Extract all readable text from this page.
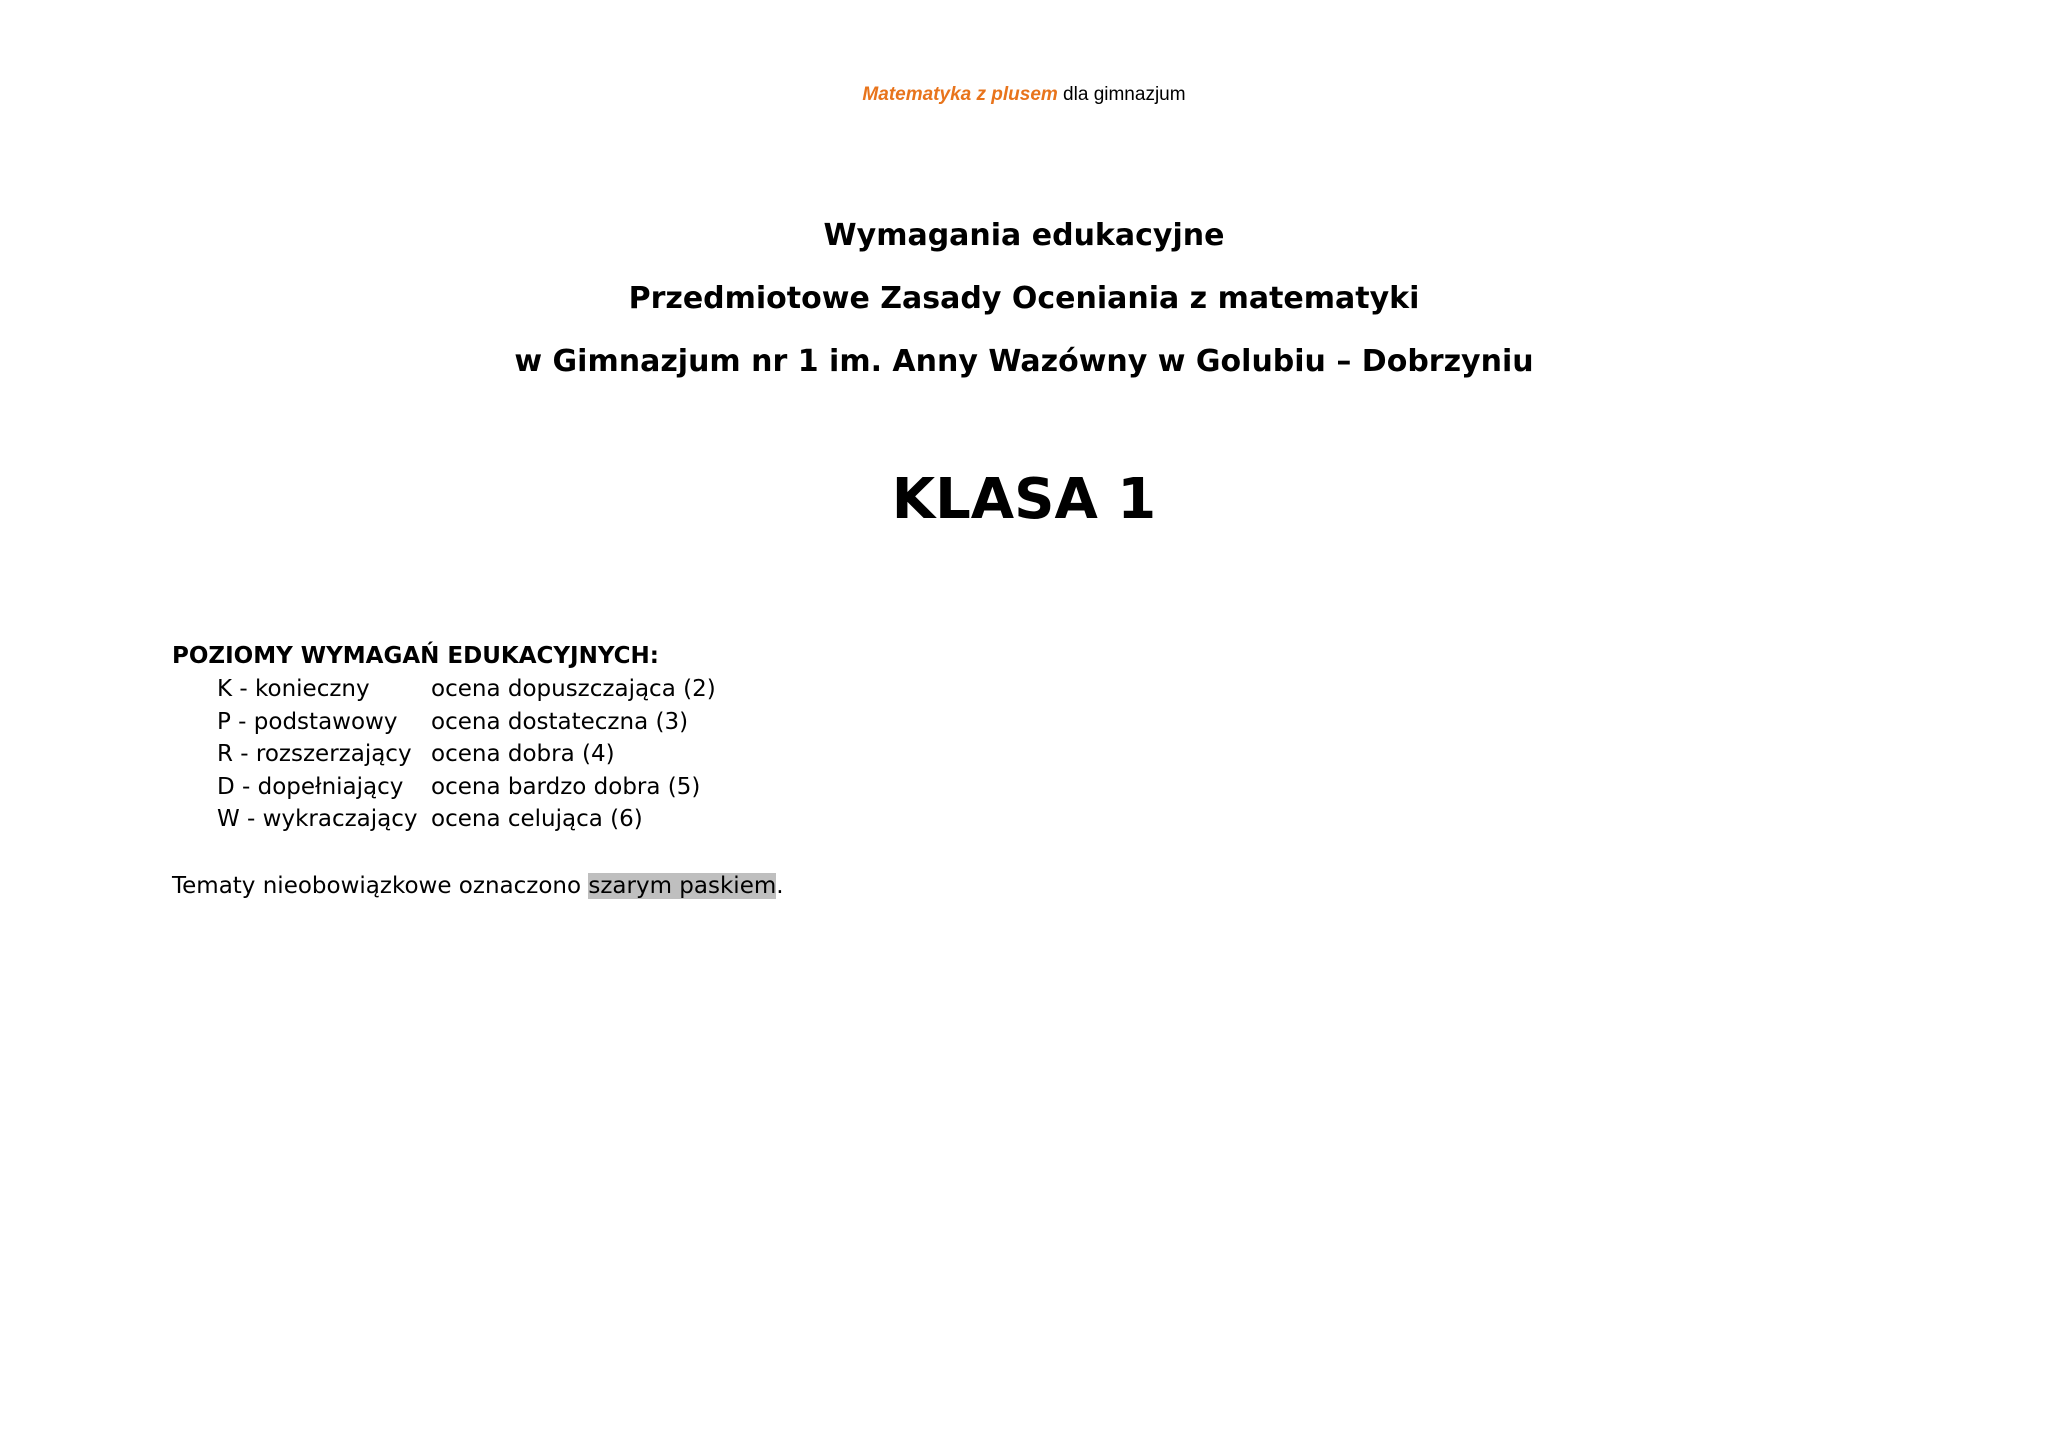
Matematyka z plusem dla gimnazjum
Wymagania edukacyjne
Przedmiotowe Zasady Oceniania z matematyki
w Gimnazjum nr 1 im. Anny Wazówny w Golubiu – Dobrzyniu
KLASA 1
POZIOMY WYMAGAŃ EDUKACYJNYCH:
K - konieczny	ocena dopuszczająca (2)
P - podstawowy	ocena dostateczna (3)
R - rozszerzający ocena dobra (4)
D - dopełniający	ocena bardzo dobra (5)
W - wykraczający ocena celująca (6)
Tematy nieobowiązkowe oznaczono szarym paskiem.
